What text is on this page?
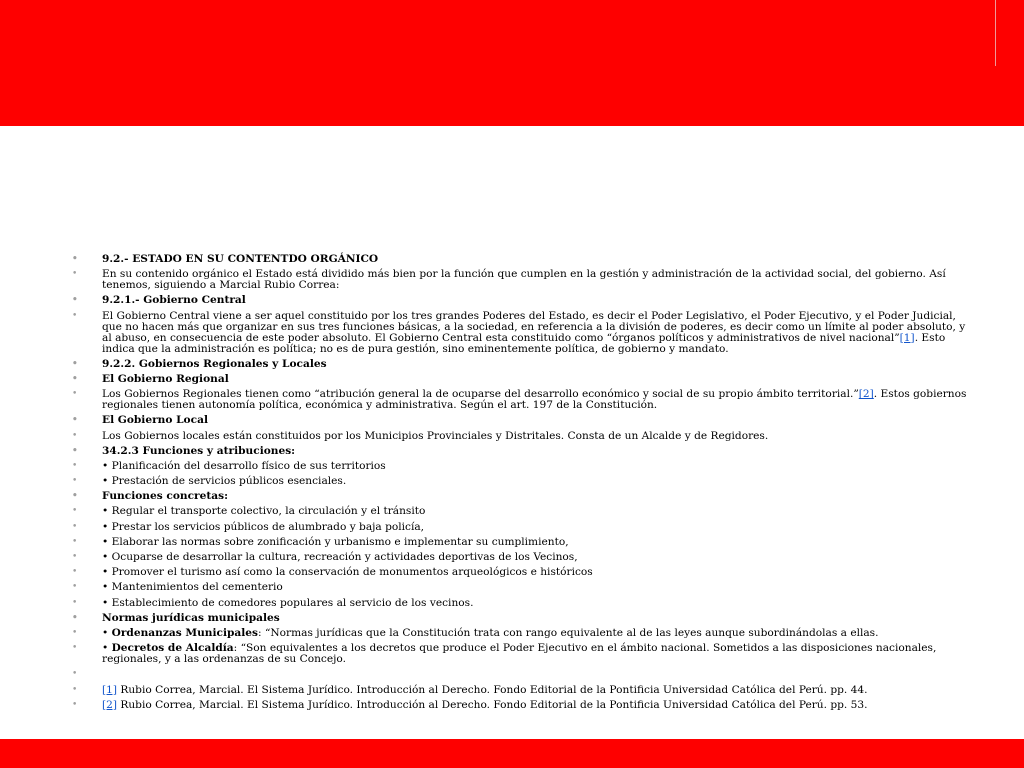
• 9.2.- ESTADO EN SU CONTENTDO ORGÁNICO
• En su contenido orgánico el Estado está dividido más bien por la función que cumplen en la gestión y administración de la actividad social, del gobierno. Así tenemos, siguiendo a Marcial Rubio Correa:
• 9.2.1.- Gobierno Central
• El Gobierno Central viene a ser aquel constituido por los tres grandes Poderes del Estado, es decir el Poder Legislativo, el Poder Ejecutivo, y el Poder Judicial, que no hacen más que organizar en sus tres funciones básicas, a la sociedad, en referencia a la división de poderes, es decir como un límite al poder absoluto, y al abuso, en consecuencia de este poder absoluto. El Gobierno Central esta constituido como “órganos políticos y administrativos de nivel nacional”[1]. Esto indica que la administración es política; no es de pura gestión, sino eminentemente política, de gobierno y mandato.
• 9.2.2. Gobiernos Regionales y Locales
• El Gobierno Regional
• Los Gobiernos Regionales tienen como “atribución general la de ocuparse del desarrollo económico y social de su propio ámbito territorial.”[2]. Estos gobiernos regionales tienen autonomía política, económica y administrativa. Según el art. 197 de la Constitución.
• El Gobierno Local
• Los Gobiernos locales están constituidos por los Municipios Provinciales y Distritales. Consta de un Alcalde y de Regidores.
• 34.2.3 Funciones y atribuciones:
• • Planificación del desarrollo físico de sus territorios
• • Prestación de servicios públicos esenciales.
• Funciones concretas:
• • Regular el transporte colectivo, la circulación y el tránsito
• • Prestar los servicios públicos de alumbrado y baja policía,
• • Elaborar las normas sobre zonificación y urbanismo e implementar su cumplimiento,
• • Ocuparse de desarrollar la cultura, recreación y actividades deportivas de los Vecinos,
• • Promover el turismo así como la conservación de monumentos arqueológicos e históricos
• • Mantenimientos del cementerio
• • Establecimiento de comedores populares al servicio de los vecinos.
• Normas jurídicas municipales
• • Ordenanzas Municipales: “Normas jurídicas que la Constitución trata con rango equivalente al de las leyes aunque subordinándolas a ellas.
• • Decretos de Alcaldía: “Son equivalentes a los decretos que produce el Poder Ejecutivo en el ámbito nacional. Sometidos a las disposiciones nacionales, regionales, y a las ordenanzas de su Concejo.
•
• [1] Rubio Correa, Marcial. El Sistema Jurídico. Introducción al Derecho. Fondo Editorial de la Pontificia Universidad Católica del Perú. pp. 44.
• [2] Rubio Correa, Marcial. El Sistema Jurídico. Introducción al Derecho. Fondo Editorial de la Pontificia Universidad Católica del Perú. pp. 53.
